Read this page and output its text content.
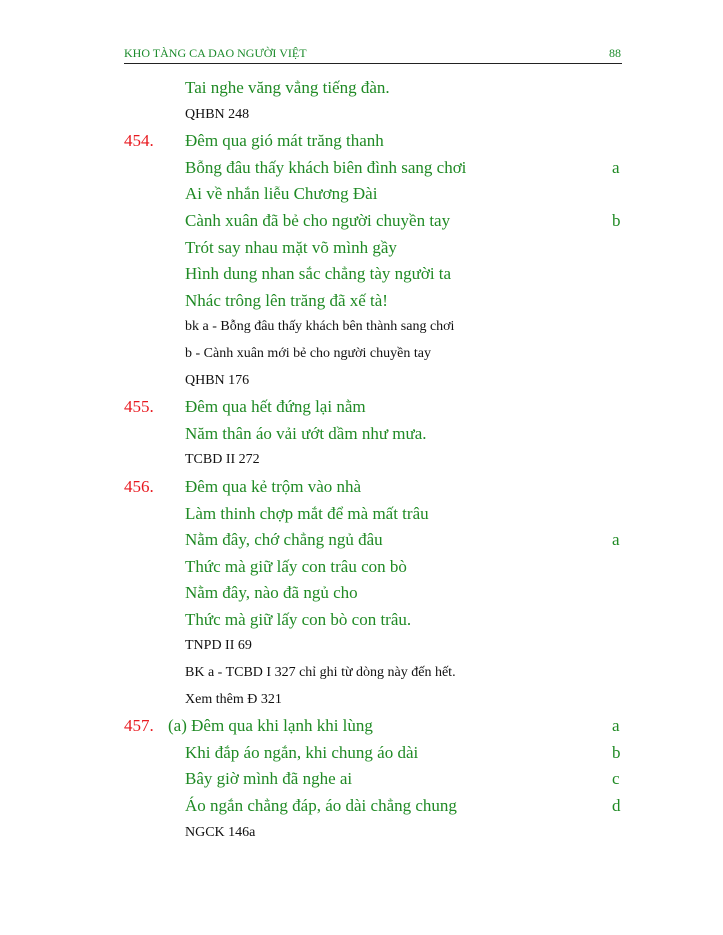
KHO TÀNG CA DAO NGƯỜI VIỆT	88
Tai nghe văng vẳng tiếng đàn.
QHBN 248
454. Đêm qua gió mát trăng thanh
Bỗng đâu thấy khách biên đình sang chơi	a
Ai về nhắn liễu Chương Đài
Cành xuân đã bẻ cho người chuyền tay	b
Trót say nhau mặt võ mình gầy
Hình dung nhan sắc chẳng tày người ta
Nhác trông lên trăng đã xế tà!
bk a - Bỗng đâu thấy khách bên thành sang chơi
b - Cành xuân mới bẻ cho người chuyền tay
QHBN 176
455. Đêm qua hết đứng lại nằm
Năm thân áo vải ướt dầm như mưa.
TCBD II 272
456. Đêm qua kẻ trộm vào nhà
Làm thinh chợp mắt để mà mất trâu
Nằm đây, chớ chẳng ngủ đâu	a
Thức mà giữ lấy con trâu con bò
Nằm đây, nào đã ngủ cho
Thức mà giữ lấy con bò con trâu.
TNPD II 69
BK a - TCBD I 327 chỉ ghi từ dòng này đến hết.
Xem thêm Đ 321
457. (a) Đêm qua khi lạnh khi lùng	a
Khi đắp áo ngắn, khi chung áo dài	b
Bây giờ mình đã nghe ai	c
Áo ngắn chẳng đáp, áo dài chẳng chung	d
NGCK 146a
